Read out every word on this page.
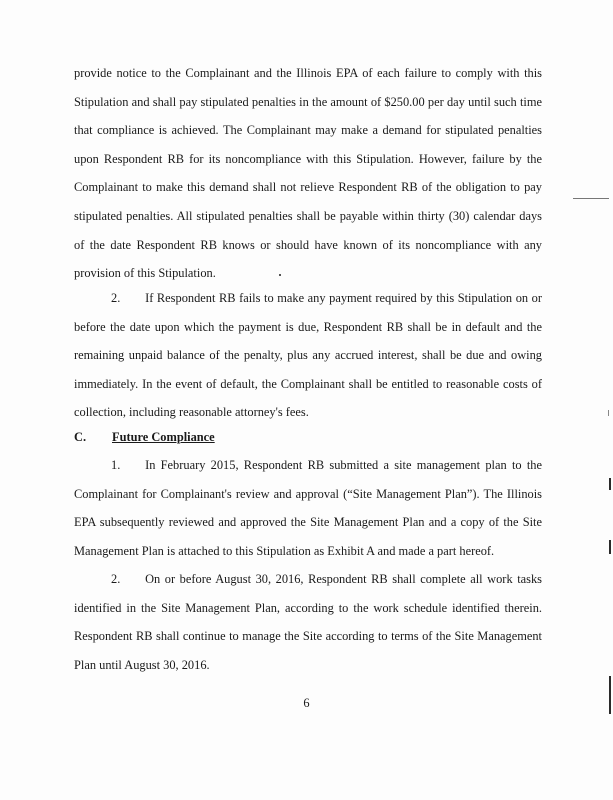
provide notice to the Complainant and the Illinois EPA of each failure to comply with this Stipulation and shall pay stipulated penalties in the amount of $250.00 per day until such time that compliance is achieved. The Complainant may make a demand for stipulated penalties upon Respondent RB for its noncompliance with this Stipulation. However, failure by the Complainant to make this demand shall not relieve Respondent RB of the obligation to pay stipulated penalties. All stipulated penalties shall be payable within thirty (30) calendar days of the date Respondent RB knows or should have known of its noncompliance with any provision of this Stipulation.

2.  If Respondent RB fails to make any payment required by this Stipulation on or before the date upon which the payment is due, Respondent RB shall be in default and the remaining unpaid balance of the penalty, plus any accrued interest, shall be due and owing immediately. In the event of default, the Complainant shall be entitled to reasonable costs of collection, including reasonable attorney's fees.

C. Future Compliance

1.  In February 2015, Respondent RB submitted a site management plan to the Complainant for Complainant's review and approval (“Site Management Plan”). The Illinois EPA subsequently reviewed and approved the Site Management Plan and a copy of the Site Management Plan is attached to this Stipulation as Exhibit A and made a part hereof.

2.  On or before August 30, 2016, Respondent RB shall complete all work tasks identified in the Site Management Plan, according to the work schedule identified therein. Respondent RB shall continue to manage the Site according to terms of the Site Management Plan until August 30, 2016.

6
